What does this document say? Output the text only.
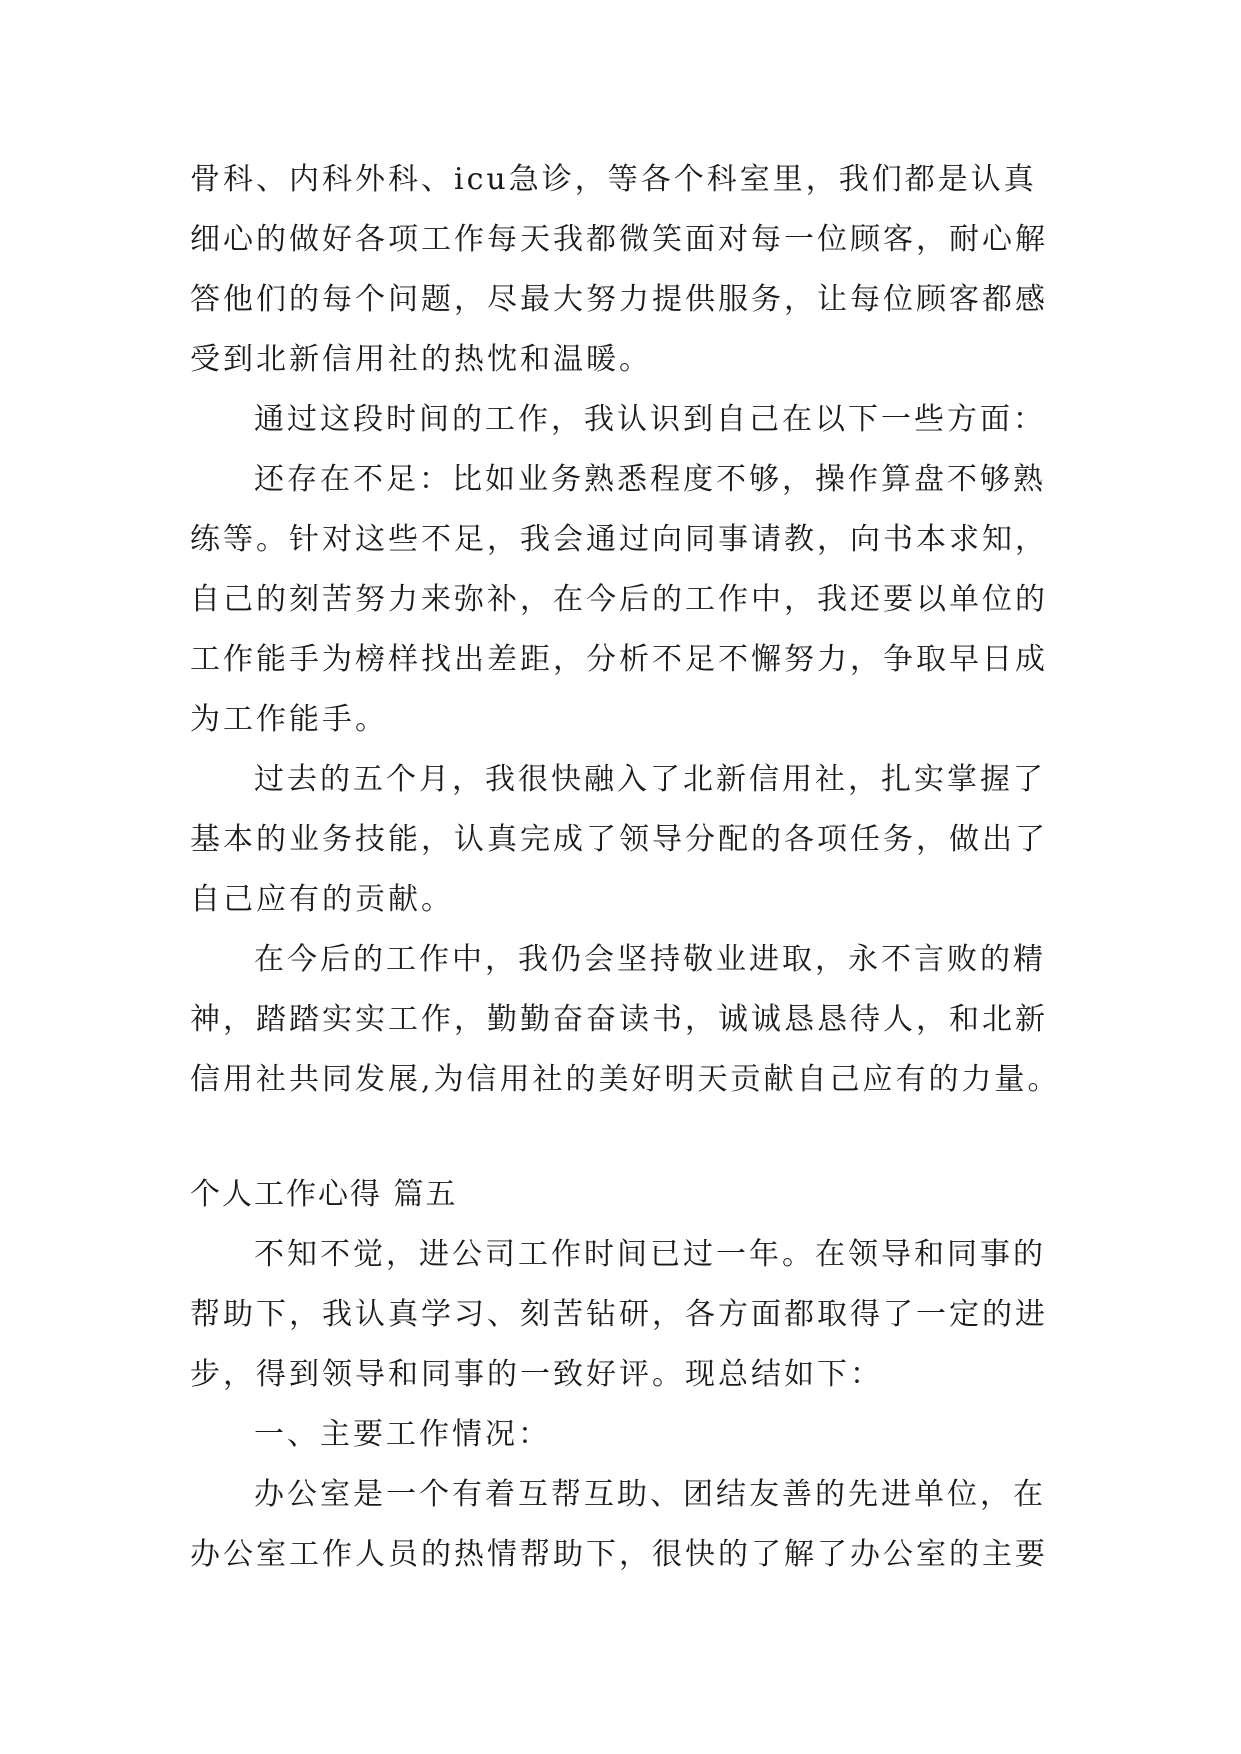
骨科、内科外科、icu急诊，等各个科室里，我们都是认真
细心的做好各项工作每天我都微笑面对每一位顾客，耐心解
答他们的每个问题，尽最大努力提供服务，让每位顾客都感
受到北新信用社的热忱和温暖。
通过这段时间的工作，我认识到自己在以下一些方面：
还存在不足：比如业务熟悉程度不够，操作算盘不够熟
练等。针对这些不足，我会通过向同事请教，向书本求知，
自己的刻苦努力来弥补，在今后的工作中，我还要以单位的
工作能手为榜样找出差距，分析不足不懈努力，争取早日成
为工作能手。
过去的五个月，我很快融入了北新信用社，扎实掌握了
基本的业务技能，认真完成了领导分配的各项任务，做出了
自己应有的贡献。
在今后的工作中，我仍会坚持敬业进取，永不言败的精
神，踏踏实实工作，勤勤奋奋读书，诚诚恳恳待人，和北新
信用社共同发展,为信用社的美好明天贡献自己应有的力量。
个人工作心得 篇五
不知不觉，进公司工作时间已过一年。在领导和同事的
帮助下，我认真学习、刻苦钻研，各方面都取得了一定的进
步，得到领导和同事的一致好评。现总结如下：
一、主要工作情况：
办公室是一个有着互帮互助、团结友善的先进单位，在
办公室工作人员的热情帮助下，很快的了解了办公室的主要
